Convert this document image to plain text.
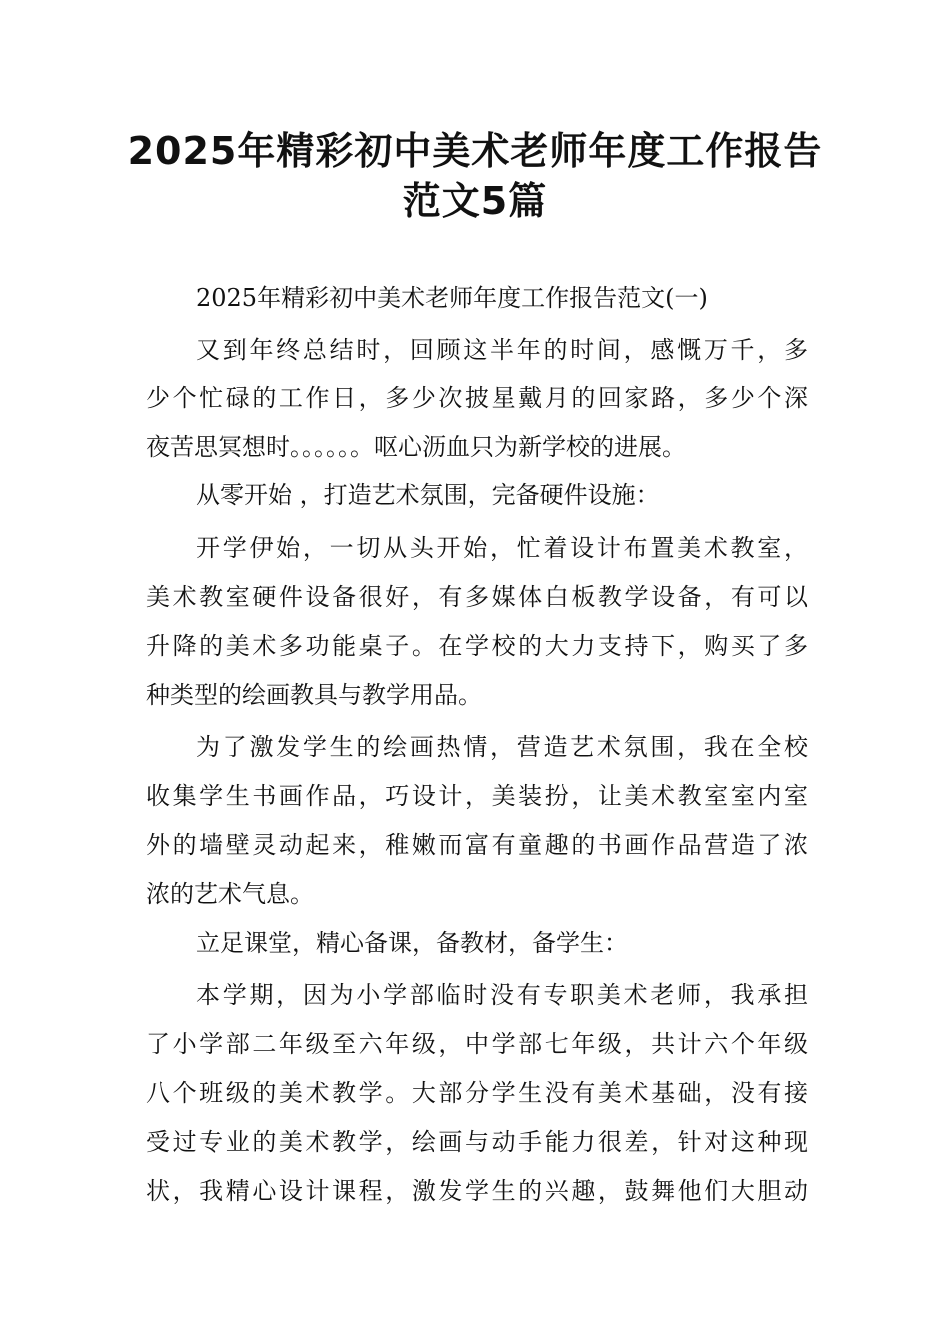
2025年精彩初中美术老师年度工作报告
范文5篇
2025年精彩初中美术老师年度工作报告范文(一)
又到年终总结时，回顾这半年的时间，感慨万千，多
少个忙碌的工作日，多少次披星戴月的回家路，多少个深
夜苦思冥想时。。。。。。呕心沥血只为新学校的进展。
从零开始 ，打造艺术氛围，完备硬件设施：
开学伊始，一切从头开始，忙着设计布置美术教室，
美术教室硬件设备很好，有多媒体白板教学设备，有可以
升降的美术多功能桌子。在学校的大力支持下，购买了多
种类型的绘画教具与教学用品。
为了激发学生的绘画热情，营造艺术氛围，我在全校
收集学生书画作品，巧设计，美装扮，让美术教室室内室
外的墙壁灵动起来，稚嫩而富有童趣的书画作品营造了浓
浓的艺术气息。
立足课堂，精心备课，备教材，备学生：
本学期，因为小学部临时没有专职美术老师，我承担
了小学部二年级至六年级，中学部七年级，共计六个年级
八个班级的美术教学。大部分学生没有美术基础，没有接
受过专业的美术教学，绘画与动手能力很差，针对这种现
状，我精心设计课程，激发学生的兴趣，鼓舞他们大胆动
